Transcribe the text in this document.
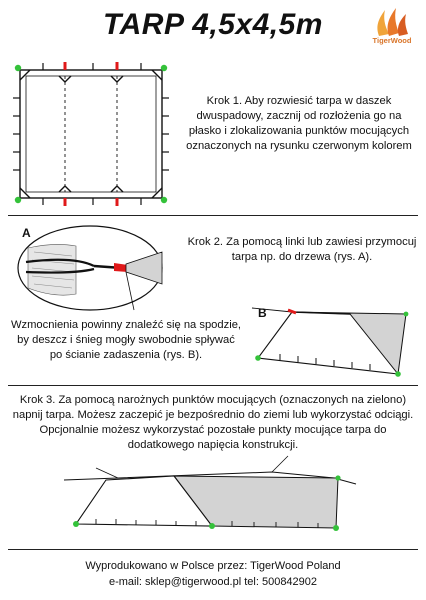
TARP 4,5x4,5m	TigerWood
Krok 1. Aby rozwiesić tarpa w daszek dwuspadowy, zacznij od rozłożenia go na płasko i zlokalizowania punktów mocujących oznaczonych na rysunku czerwonym kolorem
A
Krok 2. Za pomocą linki lub zawiesi przymocuj tarpa np. do drzewa (rys. A).
B
Wzmocnienia powinny znaleźć się na spodzie, by deszcz i śnieg mogły swobodnie spływać po ścianie zadaszenia (rys. B).
Krok 3. Za pomocą narożnych punktów mocujących (oznaczonych na zielono) napnij tarpa. Możesz zaczepić je bezpośrednio do ziemi lub wykorzystać odciągi. Opcjonalnie możesz wykorzystać pozostałe punkty mocujące tarpa do dodatkowego napięcia konstrukcji.
Wyprodukowano w Polsce przez: TigerWood Poland
e-mail: sklep@tigerwood.pl tel: 500842902
